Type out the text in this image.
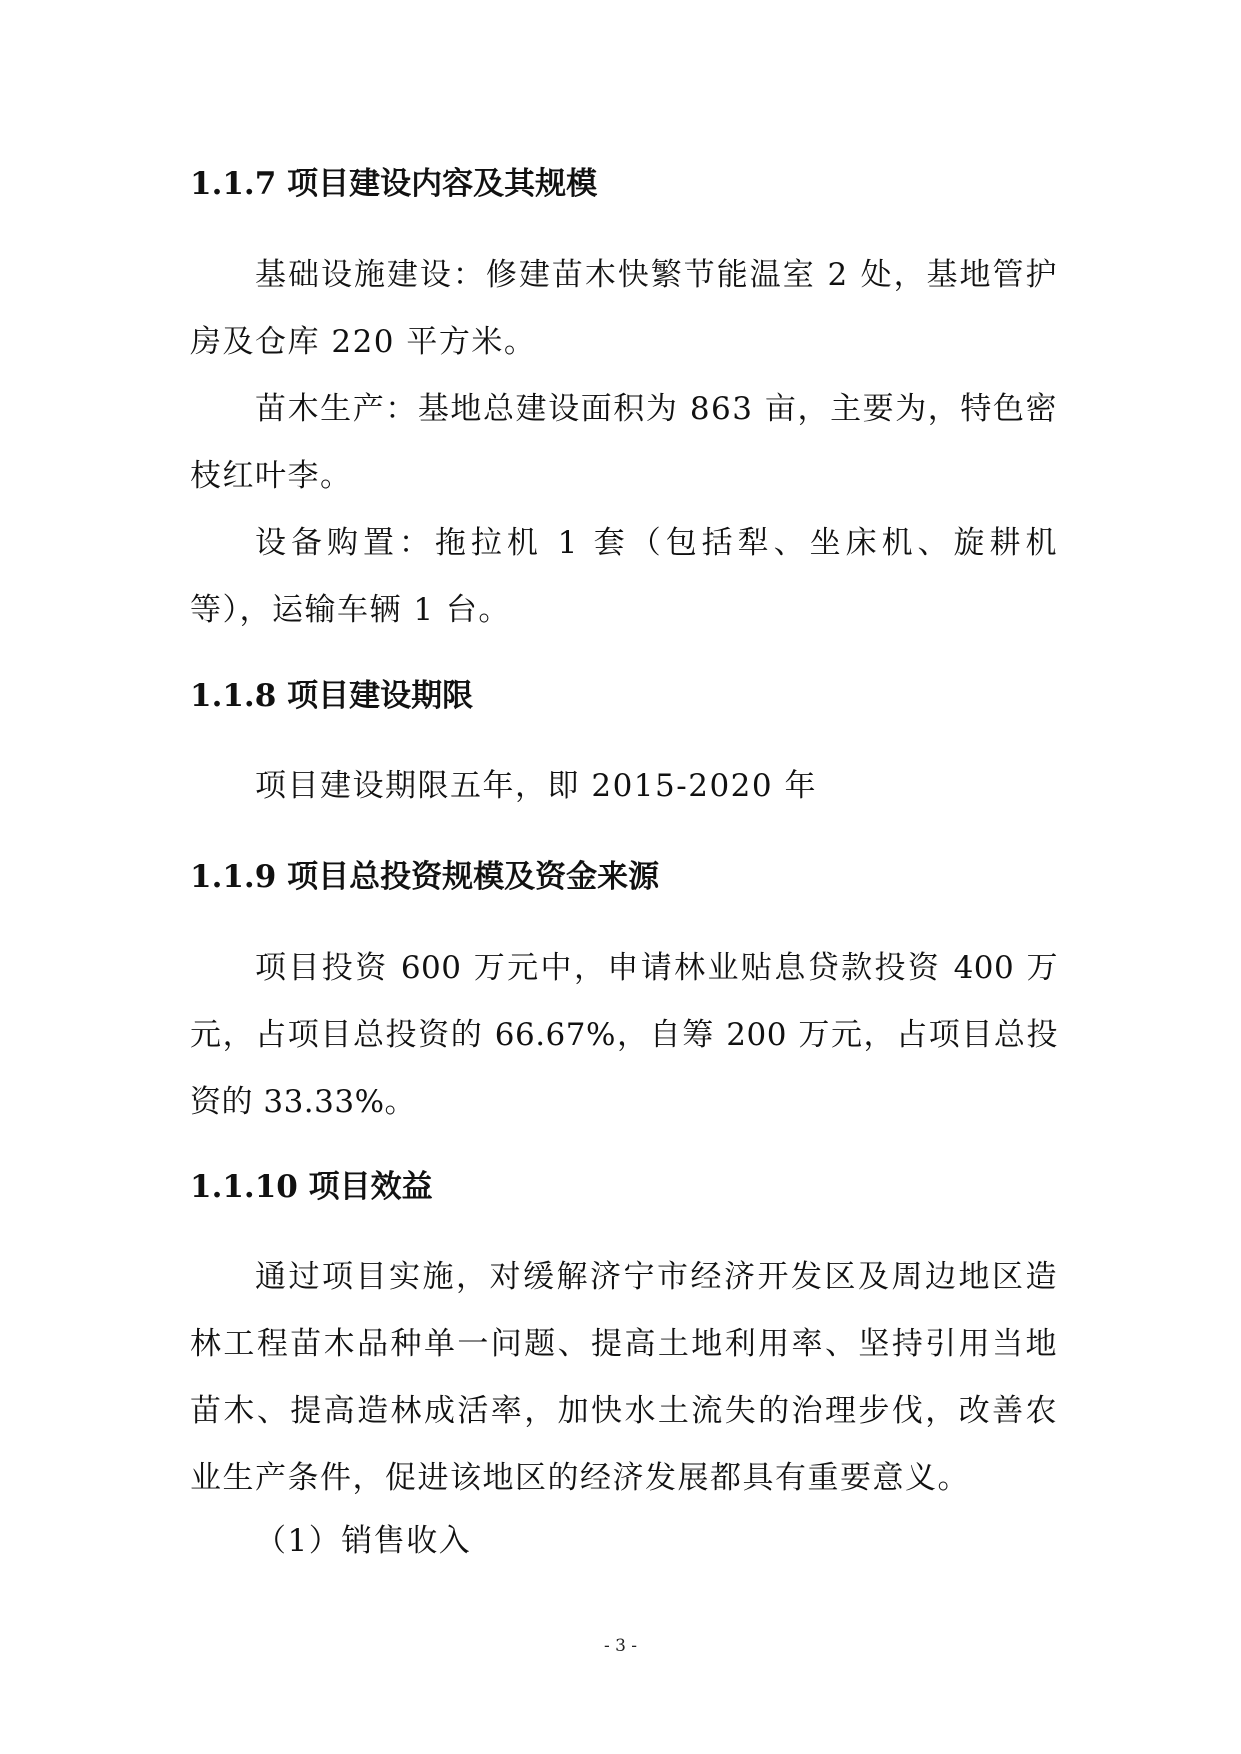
1.1.7 项目建设内容及其规模
基础设施建设：修建苗木快繁节能温室 2 处，基地管护房及仓库 220 平方米。
苗木生产：基地总建设面积为 863 亩，主要为，特色密枝红叶李。
设备购置：拖拉机 1 套（包括犁、坐床机、旋耕机等），运输车辆 1 台。
1.1.8 项目建设期限
项目建设期限五年，即 2015-2020 年
1.1.9 项目总投资规模及资金来源
项目投资 600 万元中，申请林业贴息贷款投资 400 万元，占项目总投资的 66.67%，自筹 200 万元，占项目总投资的 33.33%。
1.1.10 项目效益
通过项目实施，对缓解济宁市经济开发区及周边地区造林工程苗木品种单一问题、提高土地利用率、坚持引用当地苗木、提高造林成活率，加快水土流失的治理步伐，改善农业生产条件，促进该地区的经济发展都具有重要意义。
（1）销售收入
- 3 -
